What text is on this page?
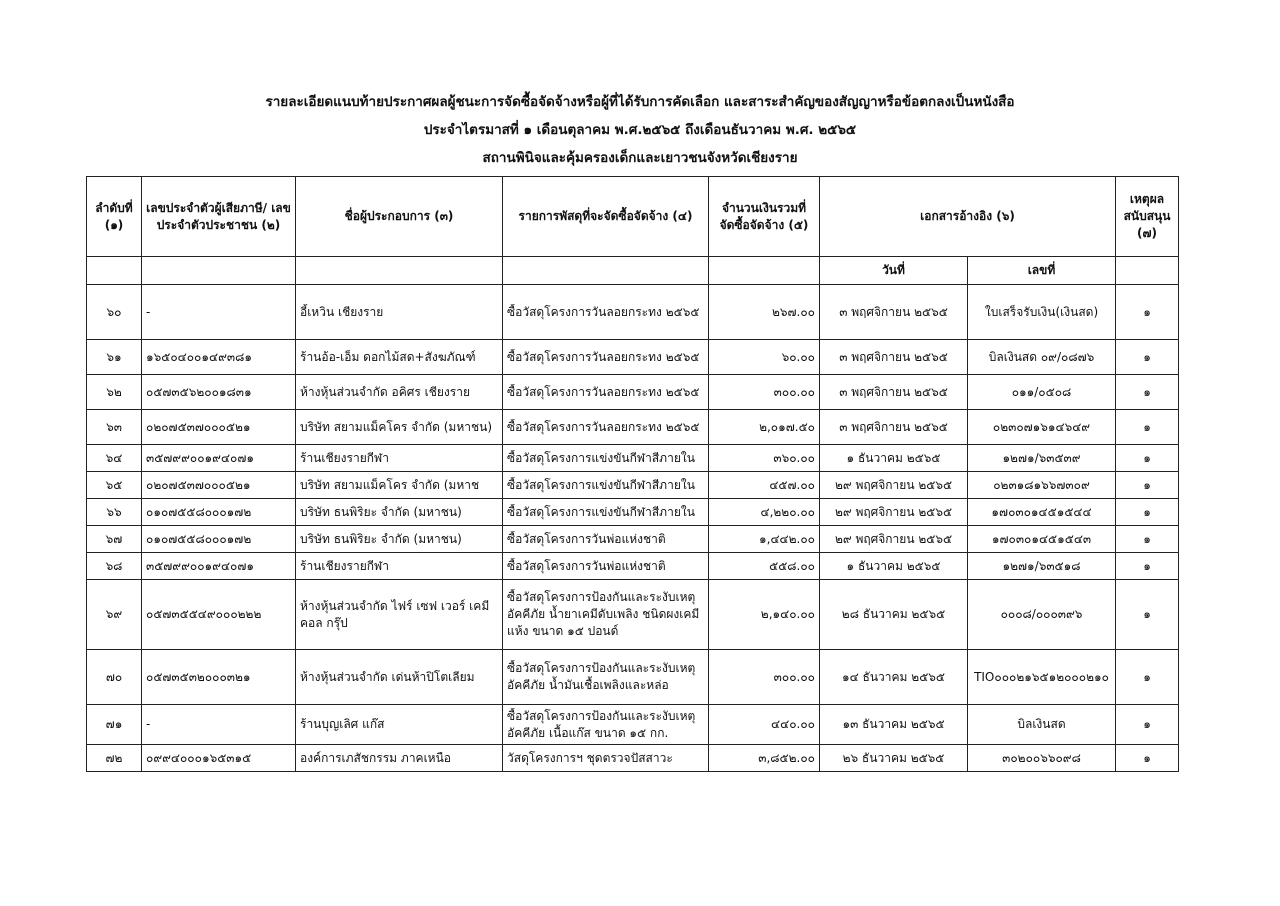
รายละเอียดแนบท้ายประกาศผลผู้ชนะการจัดซื้อจัดจ้างหรือผู้ที่ได้รับการคัดเลือก และสาระสำคัญของสัญญาหรือข้อตกลงเป็นหนังสือ
ประจำไตรมาสที่ ๑ เดือนตุลาคม พ.ศ.๒๕๖๕ ถึงเดือนธันวาคม พ.ศ. ๒๕๖๕
สถานพินิจและคุ้มครองเด็กและเยาวชนจังหวัดเชียงราย
ลำดับที่ (๑)	เลขประจำตัวผู้เสียภาษี/ เลขประจำตัวประชาชน (๒)	ชื่อผู้ประกอบการ (๓)	รายการพัสดุที่จะจัดซื้อจัดจ้าง (๔)	จำนวนเงินรวมที่ จัดซื้อจัดจ้าง (๕)	เอกสารอ้างอิง (๖)		เหตุผลสนับสนุน (๗)
					วันที่	เลขที่	

๖๐	-	อี้เหวิน เชียงราย	ซื้อวัสดุโครงการวันลอยกระทง ๒๕๖๕	๒๖๗.๐๐	๓ พฤศจิกายน ๒๕๖๕	ใบเสร็จรับเงิน(เงินสด)	๑

๖๑	๑๖๕๐๔๐๐๑๔๙๓๘๑	ร้านอ้อ-เอ็ม ดอกไม้สด+สังฆภัณฑ์	ซื้อวัสดุโครงการวันลอยกระทง ๒๕๖๕	๖๐.๐๐	๓ พฤศจิกายน ๒๕๖๕	บิลเงินสด ๐๙/๐๘๗๖	๑

๖๒	๐๕๗๓๕๖๒๐๐๑๘๓๑	ห้างหุ้นส่วนจำกัด อคิศร เชียงราย	ซื้อวัสดุโครงการวันลอยกระทง ๒๕๖๕	๓๐๐.๐๐	๓ พฤศจิกายน ๒๕๖๕	๐๑๑/๐๕๐๘	๑

๖๓	๐๒๐๗๕๓๗๐๐๐๕๒๑	บริษัท สยามแม็คโคร จำกัด (มหาชน)	ซื้อวัสดุโครงการวันลอยกระทง ๒๕๖๕	๒,๐๑๗.๕๐	๓ พฤศจิกายน ๒๕๖๕	๐๒๓๐๗๑๖๑๔๖๔๙	๑

๖๔	๓๕๗๙๙๐๐๑๙๔๐๗๑	ร้านเชียงรายกีฬา	ซื้อวัสดุโครงการแข่งขันกีฬาสีภายใน	๓๖๐.๐๐	๑ ธันวาคม ๒๕๖๕	๑๒๗๑/๖๓๕๓๙	๑

๖๕	๐๒๐๗๕๓๗๐๐๐๕๒๑	บริษัท สยามแม็คโคร จำกัด (มหาช	ซื้อวัสดุโครงการแข่งขันกีฬาสีภายใน	๔๕๗.๐๐	๒๙ พฤศจิกายน ๒๕๖๕	๐๒๓๑๘๑๖๖๗๓๐๙	๑

๖๖	๐๑๐๗๕๕๘๐๐๐๑๗๒	บริษัท ธนพิริยะ จำกัด (มหาชน)	ซื้อวัสดุโครงการแข่งขันกีฬาสีภายใน	๔,๒๒๐.๐๐	๒๙ พฤศจิกายน ๒๕๖๕	๑๗๐๓๐๑๔๕๑๕๔๔	๑

๖๗	๐๑๐๗๕๕๘๐๐๐๑๗๒	บริษัท ธนพิริยะ จำกัด (มหาชน)	ซื้อวัสดุโครงการวันพ่อแห่งชาติ	๑,๔๔๒.๐๐	๒๙ พฤศจิกายน ๒๕๖๕	๑๗๐๓๐๑๔๕๑๕๔๓	๑

๖๘	๓๕๗๙๙๐๐๑๙๔๐๗๑	ร้านเชียงรายกีฬา	ซื้อวัสดุโครงการวันพ่อแห่งชาติ	๕๕๘.๐๐	๑ ธันวาคม ๒๕๖๕	๑๒๗๑/๖๓๕๑๘	๑

๖๙	๐๕๗๓๕๕๔๙๐๐๐๒๒๒	ห้างหุ้นส่วนจำกัด ไฟร์ เซฟ เวอร์ เคมีคอล กรุ๊ป	ซื้อวัสดุโครงการป้องกันและระงับเหตุอัคคีภัย น้ำยาเคมีดับเพลิง ชนิดผงเคมีแห้ง ขนาด ๑๕ ปอนด์	๒,๑๔๐.๐๐	๒๘ ธันวาคม ๒๕๖๕	๐๐๐๘/๐๐๐๓๙๖	๑

๗๐	๐๕๗๓๕๓๒๐๐๐๓๒๑	ห้างหุ้นส่วนจำกัด เด่นห้าปิโตเลียม	ซื้อวัสดุโครงการป้องกันและระงับเหตุอัคคีภัย น้ำมันเชื้อเพลิงและหล่อ	๓๐๐.๐๐	๑๔ ธันวาคม ๒๕๖๕	TIO๐๐๐๒๑๖๕๑๒๐๐๐๒๑๐	๑

๗๑	-	ร้านบุญเลิศ แก๊ส	ซื้อวัสดุโครงการป้องกันและระงับเหตุอัคคีภัย เนื้อแก๊ส ขนาด ๑๕ กก.	๔๔๐.๐๐	๑๓ ธันวาคม ๒๕๖๕	บิลเงินสด	๑

๗๒	๐๙๙๔๐๐๐๑๖๕๓๑๕	องค์การเภสัชกรรม ภาคเหนือ	วัสดุโครงการฯ ชุดตรวจปัสสาวะ	๓,๘๕๒.๐๐	๒๖ ธันวาคม ๒๕๖๕	๓๐๒๐๐๖๖๐๙๘	๑
